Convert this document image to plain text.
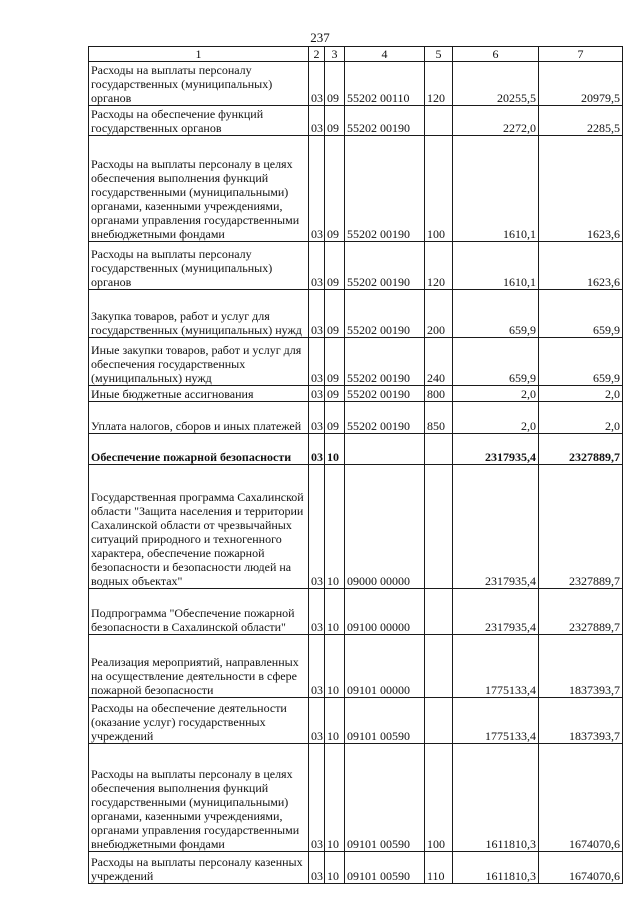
237
1	2	3	4	5	6	7
Расходы на выплаты персоналу государственных (муниципальных) органов	03	09	55202 00110	120	20255,5	20979,5
Расходы на обеспечение функций государственных органов	03	09	55202 00190		2272,0	2285,5
Расходы на выплаты персоналу в целях обеспечения выполнения функций государственными (муниципальными) органами, казенными учреждениями, органами управления государственными внебюджетными фондами	03	09	55202 00190	100	1610,1	1623,6
Расходы на выплаты персоналу государственных (муниципальных) органов	03	09	55202 00190	120	1610,1	1623,6
Закупка товаров, работ и услуг для государственных (муниципальных) нужд	03	09	55202 00190	200	659,9	659,9
Иные закупки товаров, работ и услуг для обеспечения государственных (муниципальных) нужд	03	09	55202 00190	240	659,9	659,9
Иные бюджетные ассигнования	03	09	55202 00190	800	2,0	2,0
Уплата налогов, сборов и иных платежей	03	09	55202 00190	850	2,0	2,0
Обеспечение пожарной безопасности	03	10			2317935,4	2327889,7
Государственная программа Сахалинской области "Защита населения и территории Сахалинской области от чрезвычайных ситуаций природного и техногенного характера, обеспечение пожарной безопасности и безопасности людей на водных объектах"	03	10	09000 00000		2317935,4	2327889,7
Подпрограмма "Обеспечение пожарной безопасности в Сахалинской области"	03	10	09100 00000		2317935,4	2327889,7
Реализация мероприятий, направленных на осуществление деятельности в сфере пожарной безопасности	03	10	09101 00000		1775133,4	1837393,7
Расходы на обеспечение деятельности (оказание услуг) государственных учреждений	03	10	09101 00590		1775133,4	1837393,7
Расходы на выплаты персоналу в целях обеспечения выполнения функций государственными (муниципальными) органами, казенными учреждениями, органами управления государственными внебюджетными фондами	03	10	09101 00590	100	1611810,3	1674070,6
Расходы на выплаты персоналу казенных учреждений	03	10	09101 00590	110	1611810,3	1674070,6
